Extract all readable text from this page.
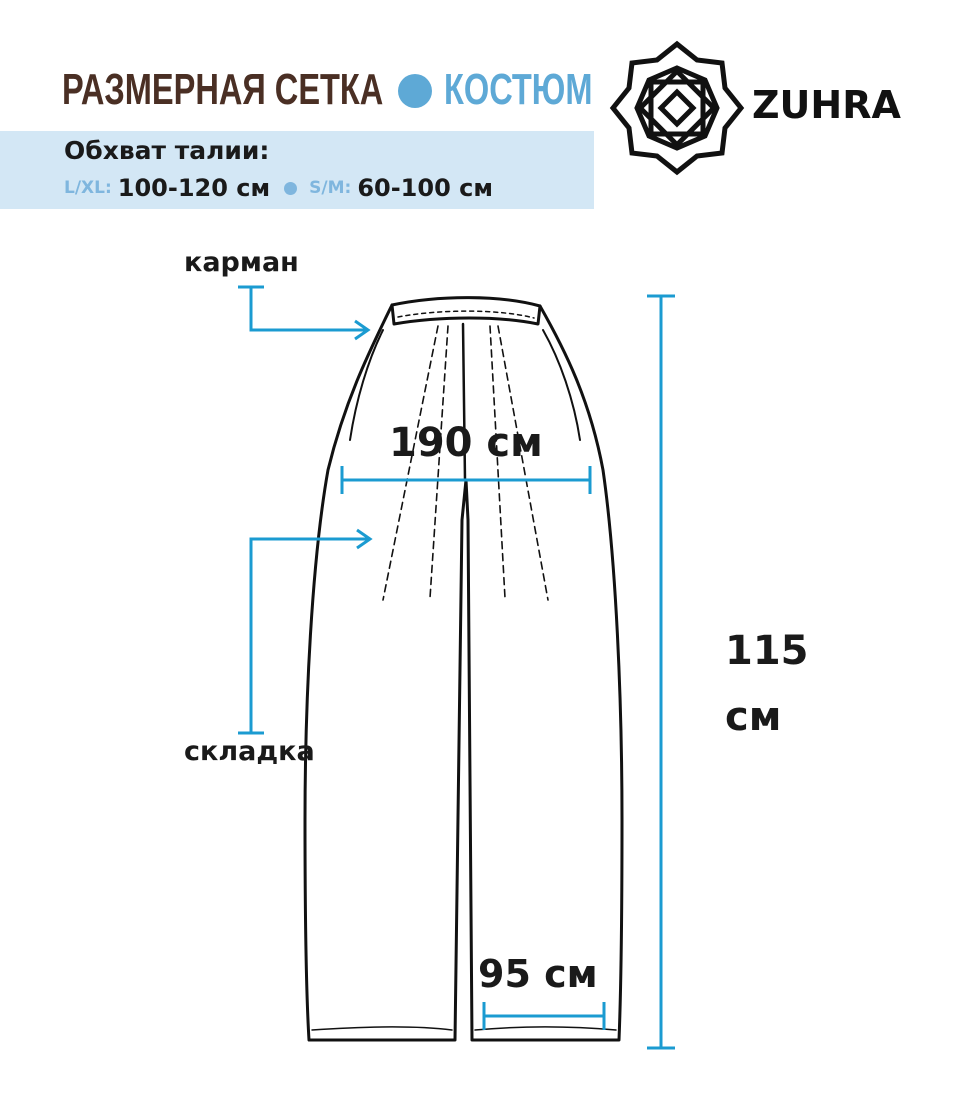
РАЗМЕРНАЯ СЕТКА КОСТЮМ
Обхват талии:
L/XL: 100-120 см S/M: 60-100 см
ZUHRA
карман
складка
190 см
95 см
115
см
